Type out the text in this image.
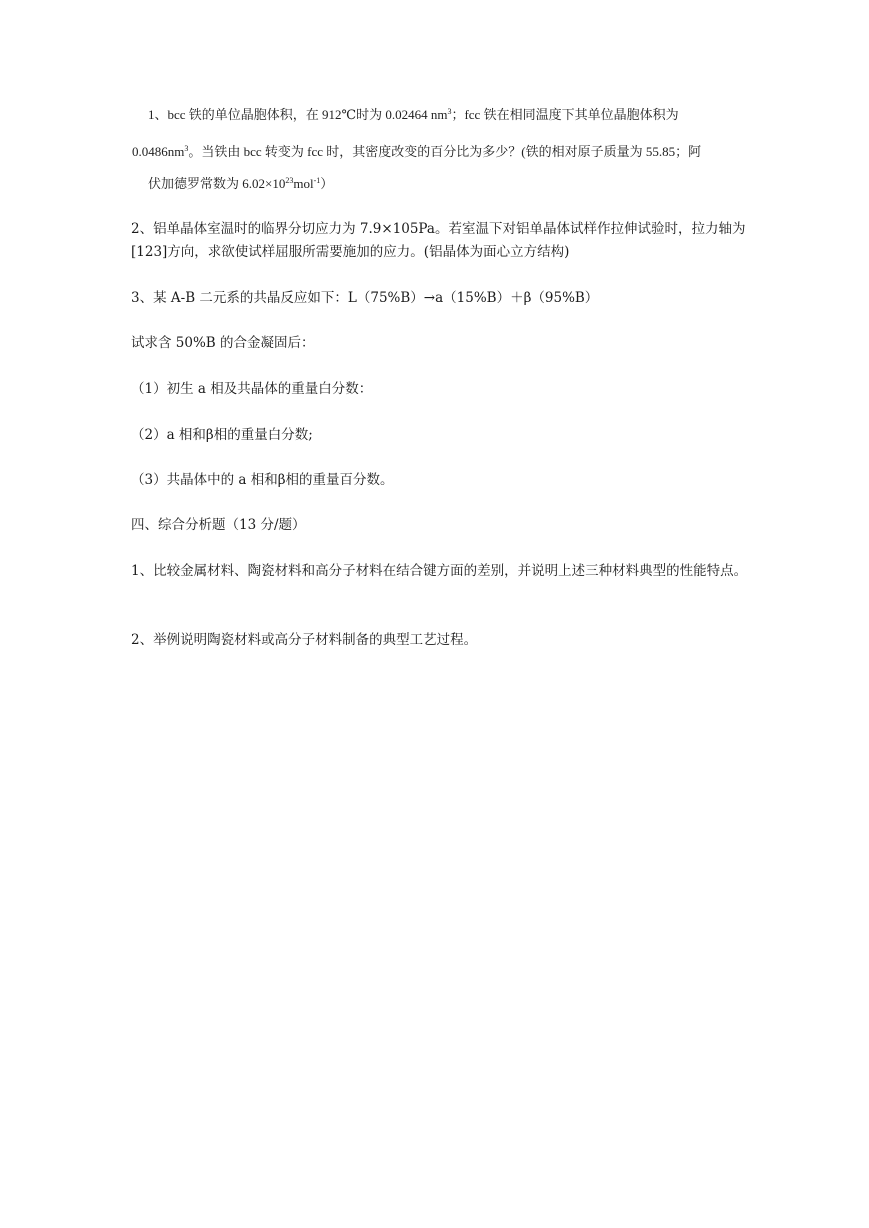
1、bcc 铁的单位晶胞体积，在 912℃时为 0.02464 $nm^3$；fcc 铁在相同温度下其单位晶胞体积为
$0.0486nm^3$。当铁由 bcc 转变为 fcc 时，其密度改变的百分比为多少？(铁的相对原子质量为 55.85；阿
伏加德罗常数为 $6.02\times 10^{23}mol^{-1}$）
2、铝单晶体室温时的临界分切应力为 7.9×105Pa。若室温下对铝单晶体试样作拉伸试验时，拉力轴为[123]方向，求欲使试样屈服所需要施加的应力。(铝晶体为面心立方结构)
3、某 A-B 二元系的共晶反应如下：L（75%B）→a（15%B）＋β（95%B）
试求含 50%B 的合金凝固后：
（1）初生 a 相及共晶体的重量白分数：
（2）a 相和β相的重量白分数;
（3）共晶体中的 a 相和β相的重量百分数。
四、综合分析题（13 分/题）
1、比较金属材料、陶瓷材料和高分子材料在结合键方面的差别，并说明上述三种材料典型的性能特点。
2、举例说明陶瓷材料或高分子材料制备的典型工艺过程。
